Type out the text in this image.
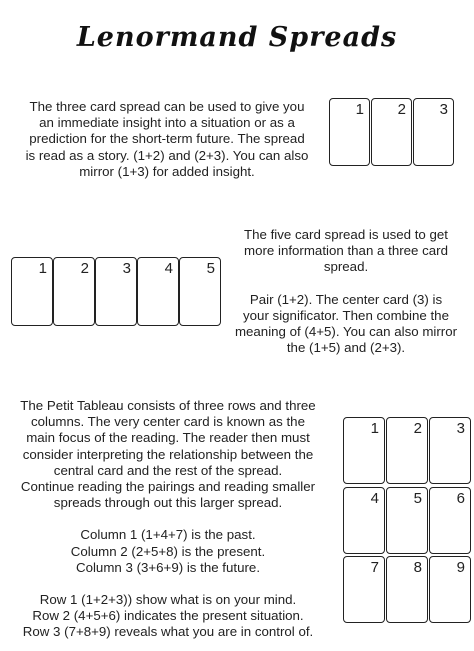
Lenormand Spreads

The three card spread can be used to give you

an immediate insight into a situation or as a

prediction for the short-term future. The spread

is read as a story. (1+2) and (2+3). You can also

mirror (1+3) for added insight.

1 2 3
1 2 3 4 5

The five card spread is used to get

more information than a three card

spread.

Pair (1+2). The center card (3) is

your significator. Then combine the

meaning of (4+5). You can also mirror

the (1+5) and (2+3).

The Petit Tableau consists of three rows and three

columns. The very center card is known as the

main focus of the reading. The reader then must

consider interpreting the relationship between the

central card and the rest of the spread.

Continue reading the pairings and reading smaller

spreads through out this larger spread.

Column 1 (1+4+7) is the past.

Column 2 (2+5+8) is the present.

Column 3 (3+6+9) is the future.

Row 1 (1+2+3)) show what is on your mind.

Row 2 (4+5+6) indicates the present situation.

Row 3 (7+8+9) reveals what you are in control of.

1 2 3
4 5 6
7 8 9
